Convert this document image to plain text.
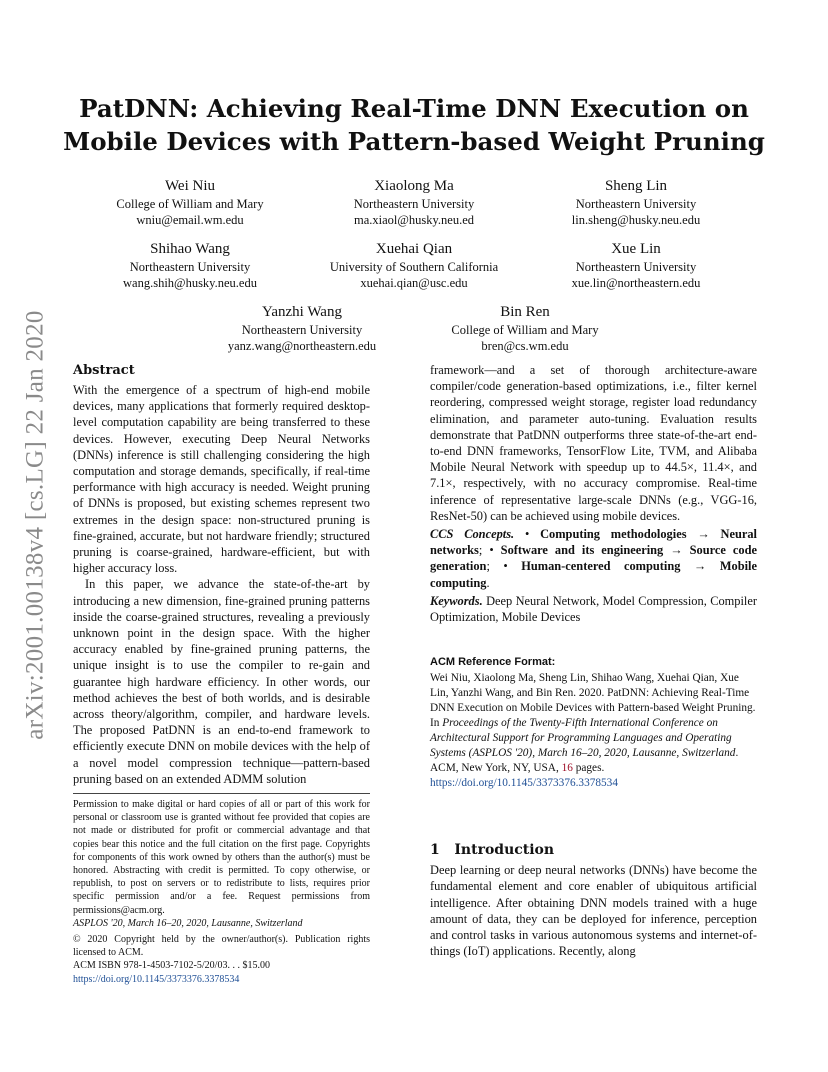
arXiv:2001.00138v4 [cs.LG] 22 Jan 2020
PatDNN: Achieving Real-Time DNN Execution on
Mobile Devices with Pattern-based Weight Pruning
Wei Niu
College of William and Mary
wniu@email.wm.edu
Xiaolong Ma
Northeastern University
ma.xiaol@husky.neu.ed
Sheng Lin
Northeastern University
lin.sheng@husky.neu.edu
Shihao Wang
Northeastern University
wang.shih@husky.neu.edu
Xuehai Qian
University of Southern California
xuehai.qian@usc.edu
Xue Lin
Northeastern University
xue.lin@northeastern.edu
Yanzhi Wang
Northeastern University
yanz.wang@northeastern.edu
Bin Ren
College of William and Mary
bren@cs.wm.edu
Abstract

With the emergence of a spectrum of high-end mobile devices, many applications that formerly required desktop-level computation capability are being transferred to these devices. However, executing Deep Neural Networks (DNNs) inference is still challenging considering the high computation and storage demands, specifically, if real-time performance with high accuracy is needed. Weight pruning of DNNs is proposed, but existing schemes represent two extremes in the design space: non-structured pruning is fine-grained, accurate, but not hardware friendly; structured pruning is coarse-grained, hardware-efficient, but with higher accuracy loss.

In this paper, we advance the state-of-the-art by introducing a new dimension, fine-grained pruning patterns inside the coarse-grained structures, revealing a previously unknown point in the design space. With the higher accuracy enabled by fine-grained pruning patterns, the unique insight is to use the compiler to re-gain and guarantee high hardware efficiency. In other words, our method achieves the best of both worlds, and is desirable across theory/algorithm, compiler, and hardware levels. The proposed PatDNN is an end-to-end framework to efficiently execute DNN on mobile devices with the help of a novel model compression technique—pattern-based pruning based on an extended ADMM solution

framework—and a set of thorough architecture-aware compiler/code generation-based optimizations, i.e., filter kernel reordering, compressed weight storage, register load redundancy elimination, and parameter auto-tuning. Evaluation results demonstrate that PatDNN outperforms three state-of-the-art end-to-end DNN frameworks, TensorFlow Lite, TVM, and Alibaba Mobile Neural Network with speedup up to 44.5×, 11.4×, and 7.1×, respectively, with no accuracy compromise. Real-time inference of representative large-scale DNNs (e.g., VGG-16, ResNet-50) can be achieved using mobile devices.

CCS Concepts. • Computing methodologies → Neural networks; • Software and its engineering → Source code generation; • Human-centered computing → Mobile computing.

Keywords. Deep Neural Network, Model Compression, Compiler Optimization, Mobile Devices

ACM Reference Format:
Wei Niu, Xiaolong Ma, Sheng Lin, Shihao Wang, Xuehai Qian, Xue Lin, Yanzhi Wang, and Bin Ren. 2020. PatDNN: Achieving Real-Time DNN Execution on Mobile Devices with Pattern-based Weight Pruning. In Proceedings of the Twenty-Fifth International Conference on Architectural Support for Programming Languages and Operating Systems (ASPLOS '20), March 16–20, 2020, Lausanne, Switzerland. ACM, New York, NY, USA, 16 pages. https://doi.org/10.1145/3373376.3378534
1 Introduction

Deep learning or deep neural networks (DNNs) have become the fundamental element and core enabler of ubiquitous artificial intelligence. After obtaining DNN models trained with a huge amount of data, they can be deployed for inference, perception and control tasks in various autonomous systems and internet-of-things (IoT) applications. Recently, along

Permission to make digital or hard copies of all or part of this work for personal or classroom use is granted without fee provided that copies are not made or distributed for profit or commercial advantage and that copies bear this notice and the full citation on the first page. Copyrights for components of this work owned by others than the author(s) must be honored. Abstracting with credit is permitted. To copy otherwise, or republish, to post on servers or to redistribute to lists, requires prior specific permission and/or a fee. Request permissions from permissions@acm.org.

ASPLOS '20, March 16–20, 2020, Lausanne, Switzerland

© 2020 Copyright held by the owner/author(s). Publication rights licensed to ACM.

ACM ISBN 978-1-4503-7102-5/20/03. . . $15.00

https://doi.org/10.1145/3373376.3378534
